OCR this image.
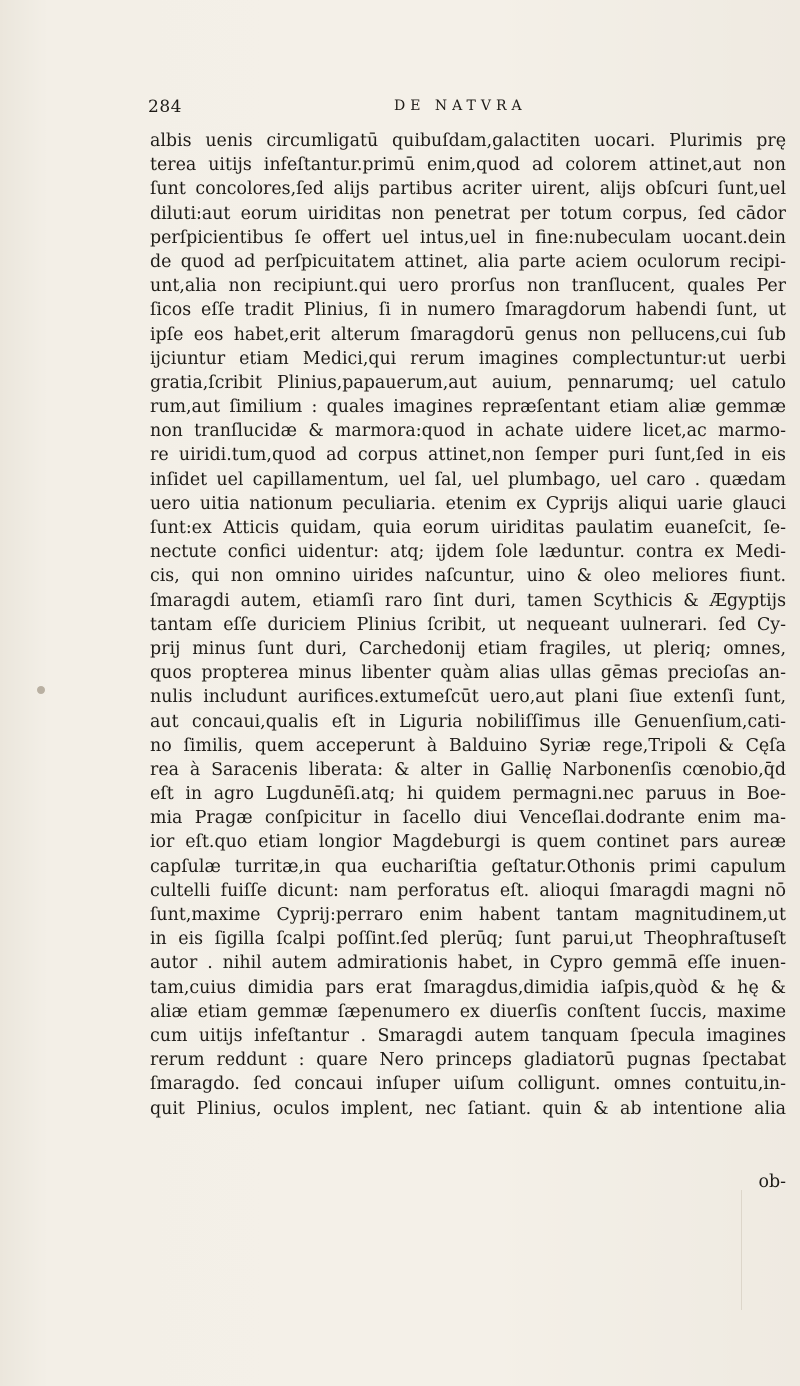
284	DE NATVRA
albis uenis circumligatū quibuſdam,galactiten uocari. Plurimis prę
terea uitijs infeſtantur.primū enim,quod ad colorem attinet,aut non
ſunt concolores,ſed alijs partibus acriter uirent, alijs obſcuri ſunt,uel
diluti:aut eorum uiriditas non penetrat per totum corpus, ſed cādor
perſpicientibus ſe offert uel intus,uel in fine:nubeculam uocant.dein
de quod ad perſpicuitatem attinet, alia parte aciem oculorum recipi-
unt,alia non recipiunt.qui uero prorſus non tranſlucent, quales Per
ſicos eſſe tradit Plinius, ſi in numero ſmaragdorum habendi ſunt, ut
ipſe eos habet,erit alterum ſmaragdorū genus non pellucens,cui ſub
ijciuntur etiam Medici,qui rerum imagines complectuntur:ut uerbi
gratia,ſcribit Plinius,papauerum,aut auium, pennarumq; uel catulo
rum,aut ſimilium : quales imagines repræſentant etiam aliæ gemmæ
non tranſlucidæ & marmora:quod in achate uidere licet,ac marmo-
re uiridi.tum,quod ad corpus attinet,non ſemper puri ſunt,ſed in eis
inſidet uel capillamentum, uel ſal, uel plumbago, uel caro . quædam
uero uitia nationum peculiaria. etenim ex Cyprijs aliqui uarie glauci
ſunt:ex Atticis quidam, quia eorum uiriditas paulatim euaneſcit, ſe-
nectute confici uidentur: atq; ijdem ſole læduntur. contra ex Medi-
cis, qui non omnino uirides naſcuntur, uino & oleo meliores fiunt.
ſmaragdi autem, etiamſi raro ſint duri, tamen Scythicis & Ægyptijs
tantam eſſe duriciem Plinius ſcribit, ut nequeant uulnerari. ſed Cy-
prij minus ſunt duri, Carchedonij etiam fragiles, ut pleriq; omnes,
quos propterea minus libenter quàm alias ullas gēmas precioſas an-
nulis includunt aurifices.extumeſcūt uero,aut plani ſiue extenſi ſunt,
aut concaui,qualis eſt in Liguria nobiliſſimus ille Genuenſium,cati-
no ſimilis, quem acceperunt à Balduino Syriæ rege,Tripoli & Cęſa
rea à Saracenis liberata: & alter in Gallię Narbonenſis cœnobio,q̄d
eſt in agro Lugdunēſi.atq; hi quidem permagni.nec paruus in Boe-
mia Pragæ conſpicitur in ſacello diui Venceſlai.dodrante enim ma-
ior eſt.quo etiam longior Magdeburgi is quem continet pars aureæ
capſulæ turritæ,in qua euchariſtia geſtatur.Othonis primi capulum
cultelli fuiſſe dicunt: nam perforatus eſt. alioqui ſmaragdi magni nō
ſunt,maxime Cyprij:perraro enim habent tantam magnitudinem,ut
in eis ſigilla ſcalpi poſſint.ſed plerūq; ſunt parui,ut Theophraſtuseſt
autor . nihil autem admirationis habet, in Cypro gemmā eſſe inuen-
tam,cuius dimidia pars erat ſmaragdus,dimidia iaſpis,quòd & hę &
aliæ etiam gemmæ ſæpenumero ex diuerſis conſtent ſuccis, maxime
cum uitijs infeſtantur . Smaragdi autem tanquam ſpecula imagines
rerum reddunt : quare Nero princeps gladiatorū pugnas ſpectabat
ſmaragdo. ſed concaui inſuper uiſum colligunt. omnes contuitu,in-
quit Plinius, oculos implent, nec ſatiant. quin & ab intentione alia
ob-
